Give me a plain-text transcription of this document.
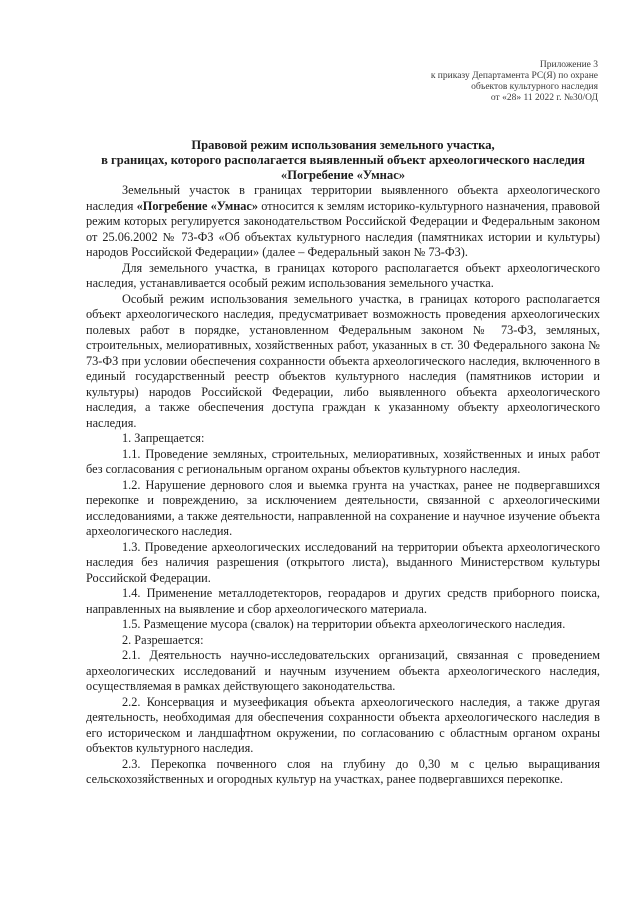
Приложение 3
к приказу Департамента РС(Я) по охране
объектов культурного наследия
от «28» 11 2022 г. №30/ОД
Правовой режим использования земельного участка,
в границах, которого располагается выявленный объект археологического наследия
«Погребение «Умнас»

Земельный участок в границах территории выявленного объекта археологического наследия «Погребение «Умнас» относится к землям историко-культурного назначения, правовой режим которых регулируется законодательством Российской Федерации и Федеральным законом от 25.06.2002 № 73-ФЗ «Об объектах культурного наследия (памятниках истории и культуры) народов Российской Федерации» (далее – Федеральный закон № 73-ФЗ).

Для земельного участка, в границах которого располагается объект археологического наследия, устанавливается особый режим использования земельного участка.

Особый режим использования земельного участка, в границах которого располагается объект археологического наследия, предусматривает возможность проведения археологических полевых работ в порядке, установленном Федеральным законом № 73-ФЗ, земляных, строительных, мелиоративных, хозяйственных работ, указанных в ст. 30 Федерального закона № 73-ФЗ при условии обеспечения сохранности объекта археологического наследия, включенного в единый государственный реестр объектов культурного наследия (памятников истории и культуры) народов Российской Федерации, либо выявленного объекта археологического наследия, а также обеспечения доступа граждан к указанному объекту археологического наследия.

1. Запрещается:

1.1. Проведение земляных, строительных, мелиоративных, хозяйственных и иных работ без согласования с региональным органом охраны объектов культурного наследия.

1.2. Нарушение дернового слоя и выемка грунта на участках, ранее не подвергавшихся перекопке и повреждению, за исключением деятельности, связанной с археологическими исследованиями, а также деятельности, направленной на сохранение и научное изучение объекта археологического наследия.

1.3. Проведение археологических исследований на территории объекта археологического наследия без наличия разрешения (открытого листа), выданного Министерством культуры Российской Федерации.

1.4. Применение металлодетекторов, георадаров и других средств приборного поиска, направленных на выявление и сбор археологического материала.

1.5. Размещение мусора (свалок) на территории объекта археологического наследия.

2. Разрешается:

2.1. Деятельность научно-исследовательских организаций, связанная с проведением археологических исследований и научным изучением объекта археологического наследия, осуществляемая в рамках действующего законодательства.

2.2. Консервация и музеефикация объекта археологического наследия, а также другая деятельность, необходимая для обеспечения сохранности объекта археологического наследия в его историческом и ландшафтном окружении, по согласованию с областным органом охраны объектов культурного наследия.

2.3. Перекопка почвенного слоя на глубину до 0,30 м с целью выращивания сельскохозяйственных и огородных культур на участках, ранее подвергавшихся перекопке.
